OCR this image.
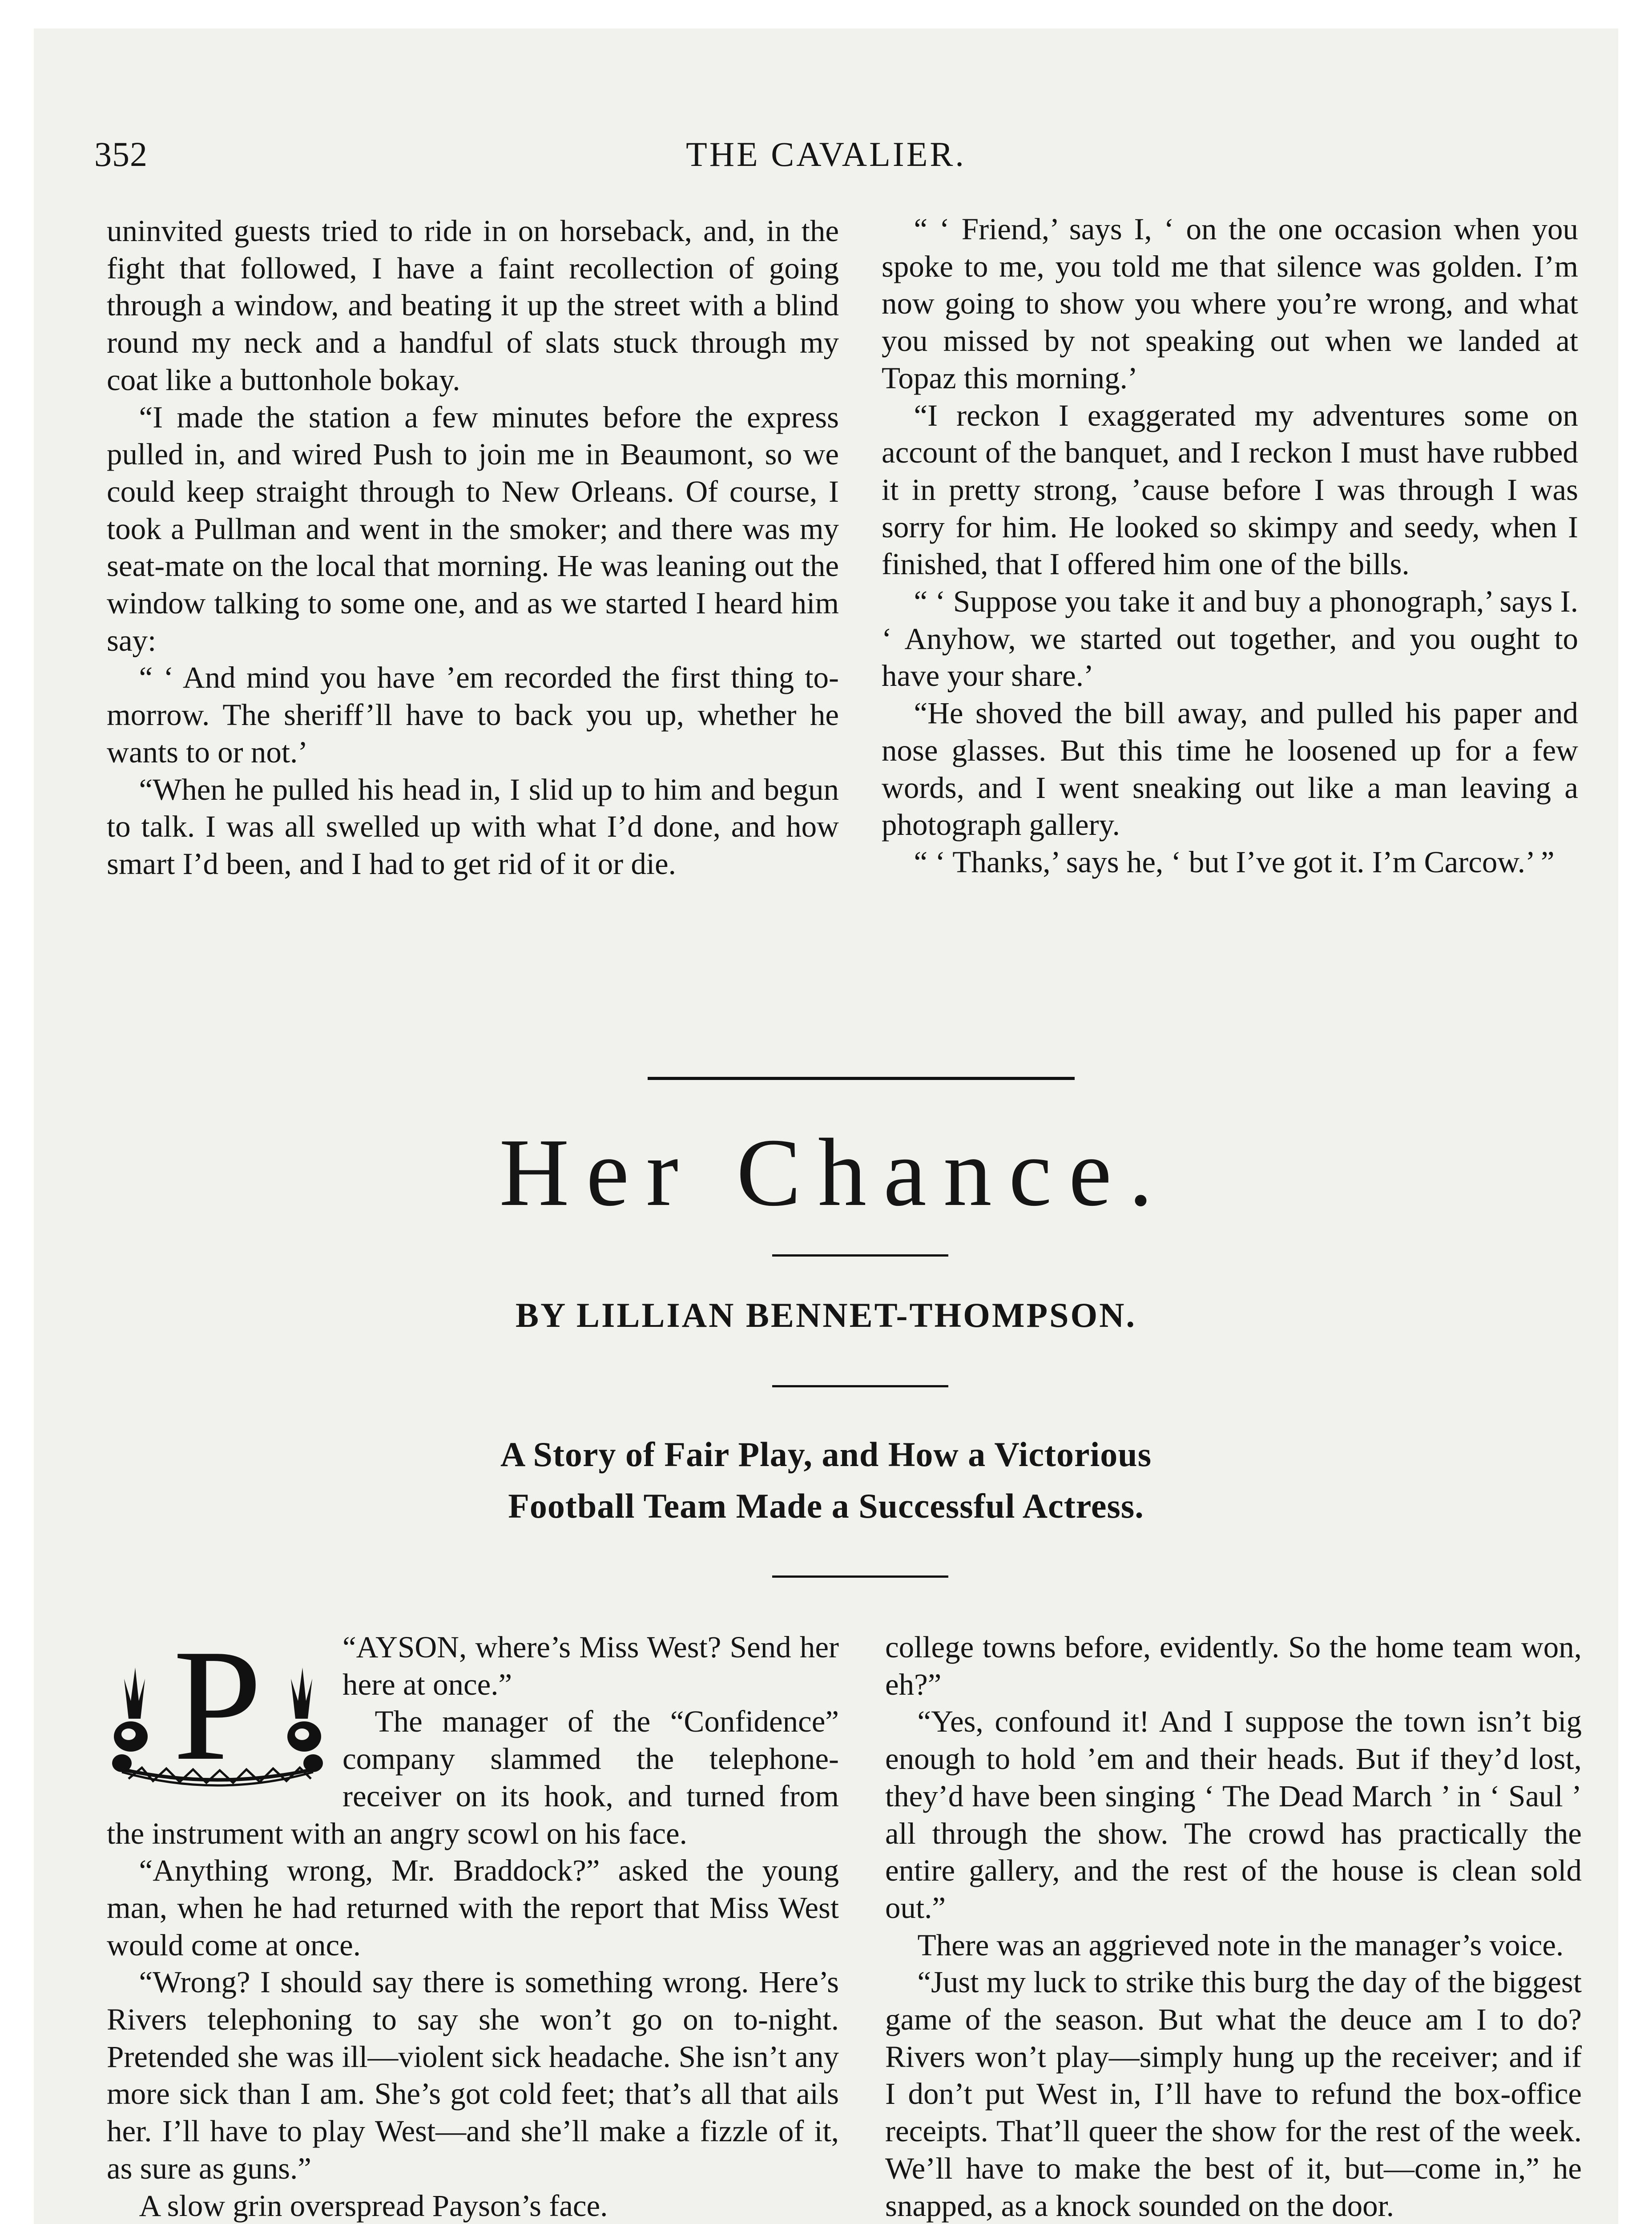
352	THE CAVALIER.

uninvited guests tried to ride in on horseback, and, in the fight that followed, I have a faint recollection of going through a window, and beating it up the street with a blind round my neck and a handful of slats stuck through my coat like a buttonhole bokay.

“I made the station a few minutes before the express pulled in, and wired Push to join me in Beaumont, so we could keep straight through to New Orleans. Of course, I took a Pullman and went in the smoker; and there was my seat-mate on the local that morning. He was leaning out the window talking to some one, and as we started I heard him say:

“ ‘ And mind you have ’em recorded the first thing to-morrow. The sheriff’ll have to back you up, whether he wants to or not.’

“When he pulled his head in, I slid up to him and begun to talk. I was all swelled up with what I’d done, and how smart I’d been, and I had to get rid of it or die.

“ ‘ Friend,’ says I, ‘ on the one occasion when you spoke to me, you told me that silence was golden. I’m now going to show you where you’re wrong, and what you missed by not speaking out when we landed at Topaz this morning.’

“I reckon I exaggerated my adventures some on account of the banquet, and I reckon I must have rubbed it in pretty strong, ’cause before I was through I was sorry for him. He looked so skimpy and seedy, when I finished, that I offered him one of the bills.

“ ‘ Suppose you take it and buy a phonograph,’ says I. ‘ Anyhow, we started out together, and you ought to have your share.’

“He shoved the bill away, and pulled his paper and nose glasses. But this time he loosened up for a few words, and I went sneaking out like a man leaving a photograph gallery.

“ ‘ Thanks,’ says he, ‘ but I’ve got it. I’m Carcow.’ ”

Her Chance.
BY LILLIAN BENNET-THOMPSON.
A Story of Fair Play, and How a Victorious
Football Team Made a Successful Actress.

“
P	AYSON, where’s Miss West? Send her here at once.”

The manager of the “Confidence” company slammed the telephone-receiver on its hook, and turned from the instrument with an angry scowl on his face.

“Anything wrong, Mr. Braddock?” asked the young man, when he had returned with the report that Miss West would come at once.

“Wrong? I should say there is something wrong. Here’s Rivers telephoning to say she won’t go on to-night. Pretended she was ill—violent sick headache. She isn’t any more sick than I am. She’s got cold feet; that’s all that ails her. I’ll have to play West—and she’ll make a fizzle of it, as sure as guns.”

A slow grin overspread Payson’s face.

college towns before, evidently. So the home team won, eh?”

“Yes, confound it! And I suppose the town isn’t big enough to hold ’em and their heads. But if they’d lost, they’d have been singing ‘ The Dead March ’ in ‘ Saul ’ all through the show. The crowd has practically the entire gallery, and the rest of the house is clean sold out.”

There was an aggrieved note in the manager’s voice.

“Just my luck to strike this burg the day of the biggest game of the season. But what the deuce am I to do? Rivers won’t play—simply hung up the receiver; and if I don’t put West in, I’ll have to refund the box-office receipts. That’ll queer the show for the rest of the week. We’ll have to make the best of it, but—come in,” he snapped, as a knock sounded on the door.
